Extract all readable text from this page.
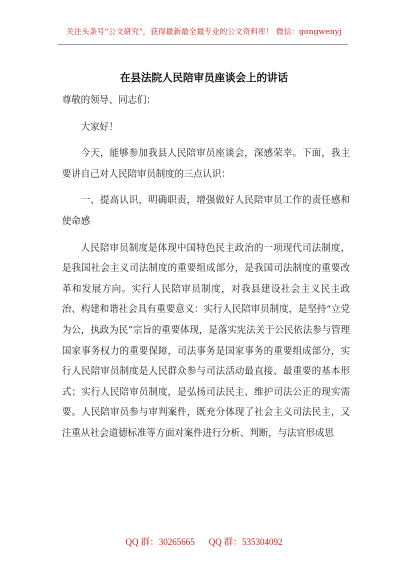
关注头条号"公文研究"，获得最新最全最专业的公文资料库！ 微信：gongwenyj
在县法院人民陪审员座谈会上的讲话

尊敬的领导、同志们：

大家好！

今天，能够参加我县人民陪审员座谈会，深感荣幸。下面，我主要讲自己对人民陪审员制度的三点认识：

一、提高认识，明确职责，增强做好人民陪审员工作的责任感和使命感

人民陪审员制度是体现中国特色民主政治的一项现代司法制度，是我国社会主义司法制度的重要组成部分，是我国司法制度的重要改革和发展方向。实行人民陪审员制度，对我县建设社会主义民主政治、构建和谐社会具有重要意义：实行人民陪审员制度，是坚持“立党为公，执政为民”宗旨的重要体现，是落实宪法关于公民依法参与管理国家事务权力的重要保障，司法事务是国家事务的重要组成部分，实行人民陪审员制度是人民群众参与司法活动最直接、最重要的基本形式；实行人民陪审员制度，是弘扬司法民主、维护司法公正的现实需要。人民陪审员参与审判案件，既充分体现了社会主义司法民主，又注重从社会道德标准等方面对案件进行分析、判断，与法官形成思

QQ 群：30265665 QQ 群：535304092
